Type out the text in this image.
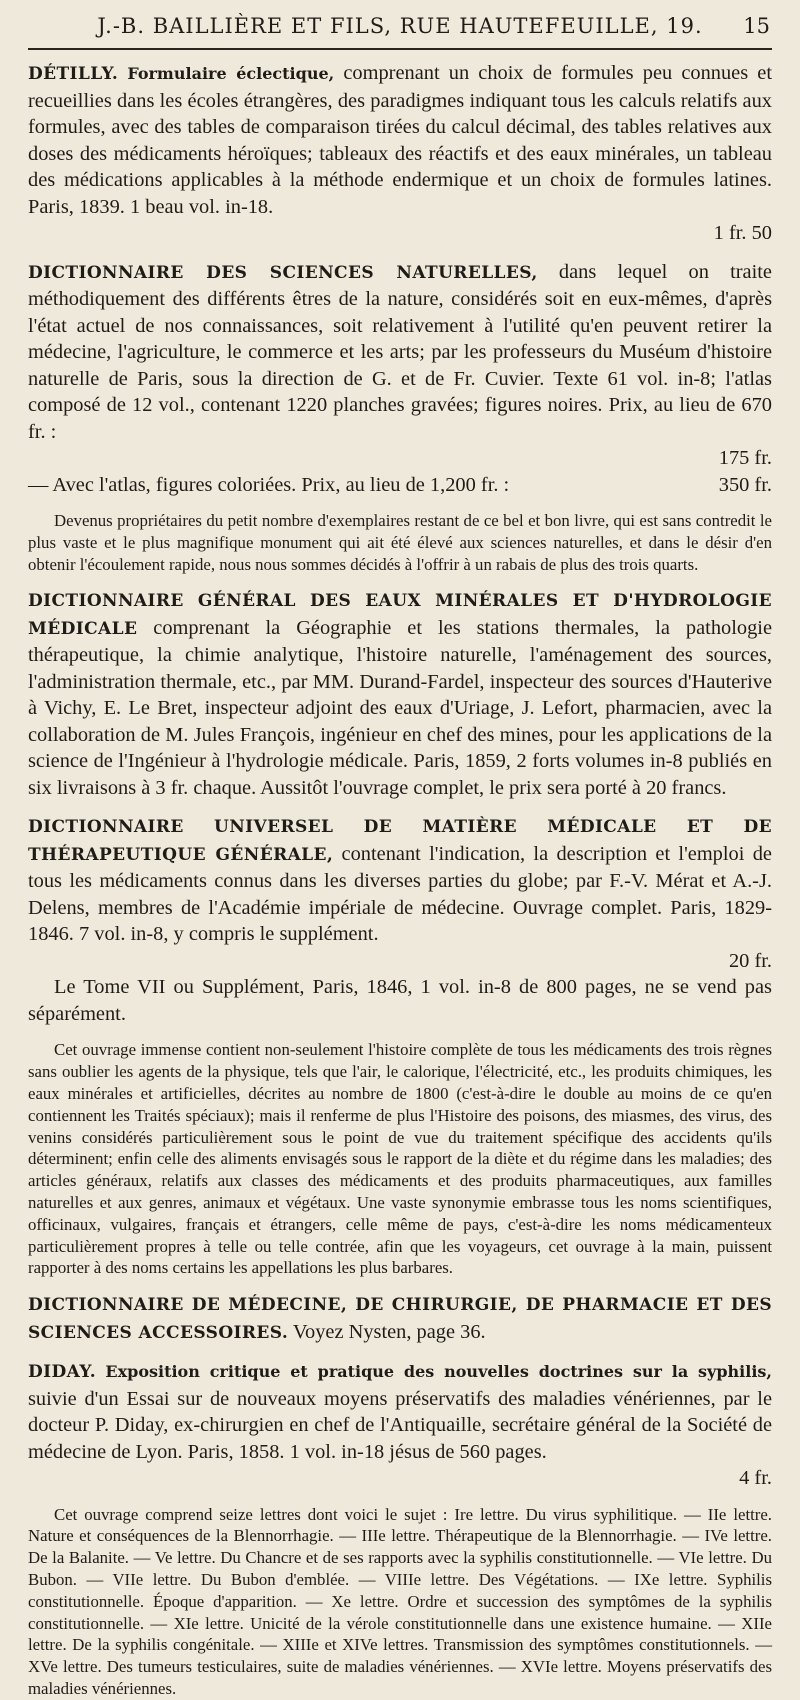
J.-B. BAILLIÈRE ET FILS, RUE HAUTEFEUILLE, 19.	15

DÉTILLY. Formulaire éclectique, comprenant un choix de formules peu connues et recueillies dans les écoles étrangères, des paradigmes indiquant tous les calculs relatifs aux formules, avec des tables de comparaison tirées du calcul décimal, des tables relatives aux doses des médicaments héroïques; tableaux des réactifs et des eaux minérales, un tableau des médications applicables à la méthode endermique et un choix de formules latines. Paris, 1839. 1 beau vol. in-18.

1 fr. 50

DICTIONNAIRE DES SCIENCES NATURELLES, dans lequel on traite méthodiquement des différents êtres de la nature, considérés soit en eux-mêmes, d'après l'état actuel de nos connaissances, soit relativement à l'utilité qu'en peuvent retirer la médecine, l'agriculture, le commerce et les arts; par les professeurs du Muséum d'histoire naturelle de Paris, sous la direction de G. et de Fr. Cuvier. Texte 61 vol. in-8; l'atlas composé de 12 vol., contenant 1220 planches gravées; figures noires. Prix, au lieu de 670 fr. :

175 fr.
— Avec l'atlas, figures coloriées. Prix, au lieu de 1,200 fr. :	350 fr.

Devenus propriétaires du petit nombre d'exemplaires restant de ce bel et bon livre, qui est sans contredit le plus vaste et le plus magnifique monument qui ait été élevé aux sciences naturelles, et dans le désir d'en obtenir l'écoulement rapide, nous nous sommes décidés à l'offrir à un rabais de plus des trois quarts.

DICTIONNAIRE GÉNÉRAL DES EAUX MINÉRALES ET D'HYDROLOGIE MÉDICALE comprenant la Géographie et les stations thermales, la pathologie thérapeutique, la chimie analytique, l'histoire naturelle, l'aménagement des sources, l'administration thermale, etc., par MM. Durand-Fardel, inspecteur des sources d'Hauterive à Vichy, E. Le Bret, inspecteur adjoint des eaux d'Uriage, J. Lefort, pharmacien, avec la collaboration de M. Jules François, ingénieur en chef des mines, pour les applications de la science de l'Ingénieur à l'hydrologie médicale. Paris, 1859, 2 forts volumes in-8 publiés en six livraisons à 3 fr. chaque. Aussitôt l'ouvrage complet, le prix sera porté à 20 francs.

DICTIONNAIRE UNIVERSEL DE MATIÈRE MÉDICALE ET DE THÉRAPEUTIQUE GÉNÉRALE, contenant l'indication, la description et l'emploi de tous les médicaments connus dans les diverses parties du globe; par F.-V. Mérat et A.-J. Delens, membres de l'Académie impériale de médecine. Ouvrage complet. Paris, 1829-1846. 7 vol. in-8, y compris le supplément.

20 fr.

Le Tome VII ou Supplément, Paris, 1846, 1 vol. in-8 de 800 pages, ne se vend pas séparément.

Cet ouvrage immense contient non-seulement l'histoire complète de tous les médicaments des trois règnes sans oublier les agents de la physique, tels que l'air, le calorique, l'électricité, etc., les produits chimiques, les eaux minérales et artificielles, décrites au nombre de 1800 (c'est-à-dire le double au moins de ce qu'en contiennent les Traités spéciaux); mais il renferme de plus l'Histoire des poisons, des miasmes, des virus, des venins considérés particulièrement sous le point de vue du traitement spécifique des accidents qu'ils déterminent; enfin celle des aliments envisagés sous le rapport de la diète et du régime dans les maladies; des articles généraux, relatifs aux classes des médicaments et des produits pharmaceutiques, aux familles naturelles et aux genres, animaux et végétaux. Une vaste synonymie embrasse tous les noms scientifiques, officinaux, vulgaires, français et étrangers, celle même de pays, c'est-à-dire les noms médicamenteux particulièrement propres à telle ou telle contrée, afin que les voyageurs, cet ouvrage à la main, puissent rapporter à des noms certains les appellations les plus barbares.

DICTIONNAIRE DE MÉDECINE, DE CHIRURGIE, DE PHARMACIE ET DES SCIENCES ACCESSOIRES. Voyez Nysten, page 36.

DIDAY. Exposition critique et pratique des nouvelles doctrines sur la syphilis, suivie d'un Essai sur de nouveaux moyens préservatifs des maladies vénériennes, par le docteur P. Diday, ex-chirurgien en chef de l'Antiquaille, secrétaire général de la Société de médecine de Lyon. Paris, 1858. 1 vol. in-18 jésus de 560 pages.

4 fr.

Cet ouvrage comprend seize lettres dont voici le sujet : Ire lettre. Du virus syphilitique. — IIe lettre. Nature et conséquences de la Blennorrhagie. — IIIe lettre. Thérapeutique de la Blennorrhagie. — IVe lettre. De la Balanite. — Ve lettre. Du Chancre et de ses rapports avec la syphilis constitutionnelle. — VIe lettre. Du Bubon. — VIIe lettre. Du Bubon d'emblée. — VIIIe lettre. Des Végétations. — IXe lettre. Syphilis constitutionnelle. Époque d'apparition. — Xe lettre. Ordre et succession des symptômes de la syphilis constitutionnelle. — XIe lettre. Unicité de la vérole constitutionnelle dans une existence humaine. — XIIe lettre. De la syphilis congénitale. — XIIIe et XIVe lettres. Transmission des symptômes constitutionnels. — XVe lettre. Des tumeurs testiculaires, suite de maladies vénériennes. — XVIe lettre. Moyens préservatifs des maladies vénériennes.
